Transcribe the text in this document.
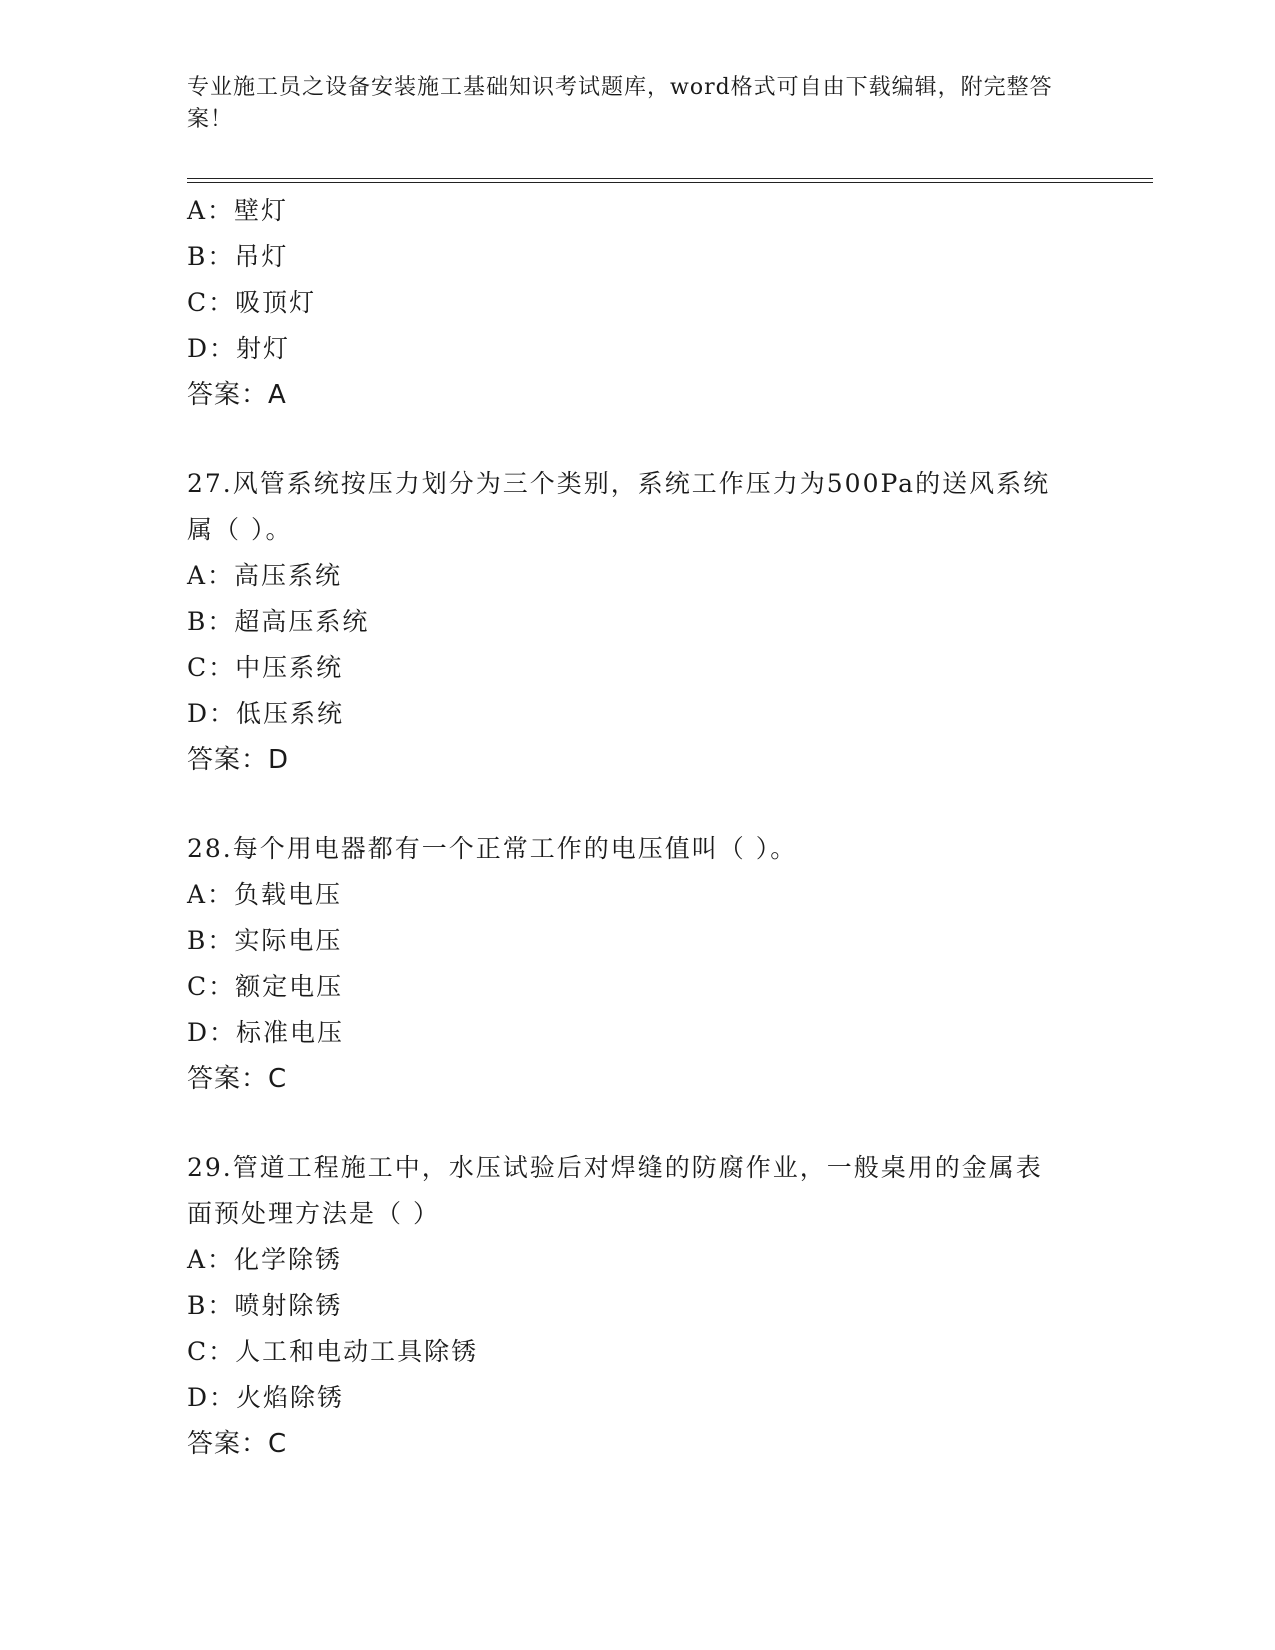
专业施工员之设备安装施工基础知识考试题库，word格式可自由下载编辑，附完整答案！
A：壁灯
B：吊灯
C：吸顶灯
D：射灯
答案：A
27.风管系统按压力划分为三个类别，系统工作压力为500Pa的送风系统属（ ）。
A：高压系统
B：超高压系统
C：中压系统
D：低压系统
答案：D
28.每个用电器都有一个正常工作的电压值叫（ ）。
A：负载电压
B：实际电压
C：额定电压
D：标准电压
答案：C
29.管道工程施工中，水压试验后对焊缝的防腐作业，一般桌用的金属表面预处理方法是（ ）
A：化学除锈
B：喷射除锈
C：人工和电动工具除锈
D：火焰除锈
答案：C
